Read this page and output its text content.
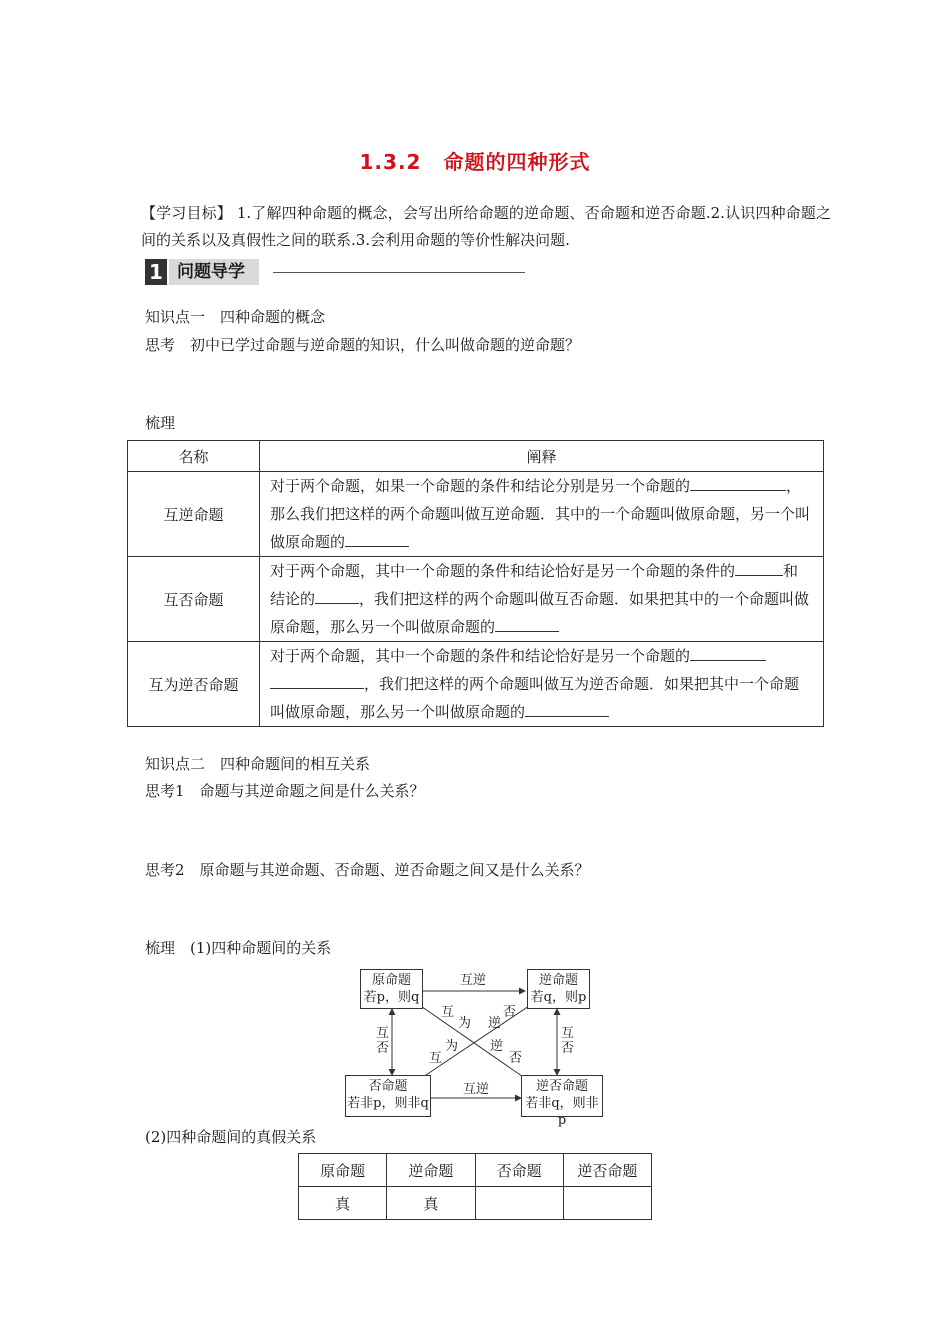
1.3.2 命题的四种形式
【学习目标】 1.了解四种命题的概念，会写出所给命题的逆命题、否命题和逆否命题.2.认识四种命题之间的关系以及真假性之间的联系.3.会利用命题的等价性解决问题.
1 问题导学
知识点一　四种命题的概念
思考　初中已学过命题与逆命题的知识，什么叫做命题的逆命题？
梳理
名称	阐释
互逆命题	对于两个命题，如果一个命题的条件和结论分别是另一个命题的 ，那么我们把这样的两个命题叫做互逆命题．其中的一个命题叫做原命题，另一个叫做原命题的
互否命题	对于两个命题，其中一个命题的条件和结论恰好是另一个命题的条件的 和结论的 ，我们把这样的两个命题叫做互否命题．如果把其中的一个命题叫做原命题，那么另一个叫做原命题的
互为逆否命题	对于两个命题，其中一个命题的条件和结论恰好是另一个命题的，我们把这样的两个命题叫做互为逆否命题．如果把其中一个命题叫做原命题，那么另一个叫做原命题的
知识点二　四种命题间的相互关系
思考1　命题与其逆命题之间是什么关系？
思考2　原命题与其逆命题、否命题、逆否命题之间又是什么关系？
梳理　(1)四种命题间的关系
原命题
若p，则q
逆命题
若q，则p
否命题
若非p，则非q
逆否命题
若非q，则非p
互逆
互逆
互
否
互
否
互
为
逆
否
互
为
逆
否
(2)四种命题间的真假关系
原命题	逆命题	否命题	逆否命题
真	真		
